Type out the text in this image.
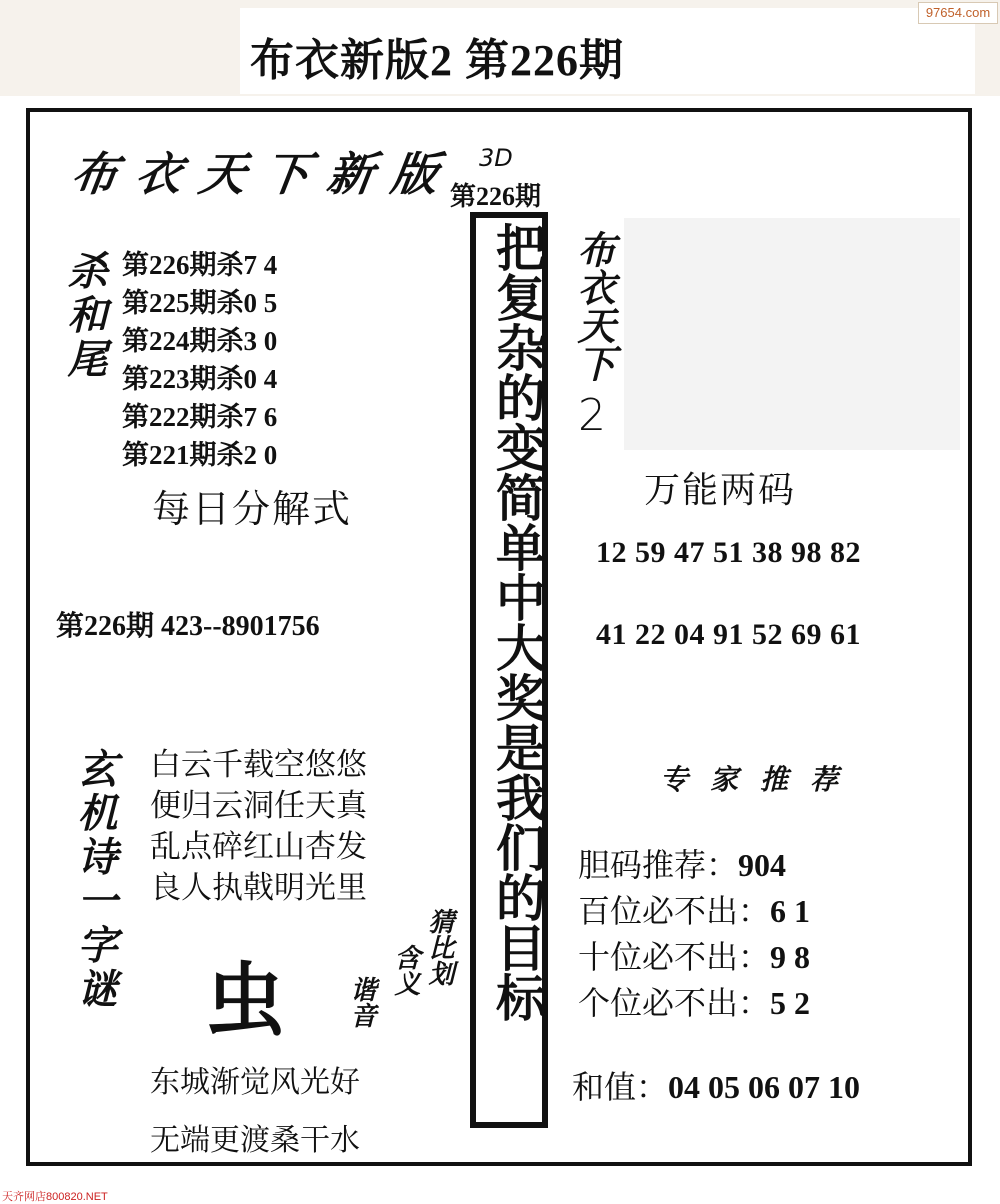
布衣新版2 第226期
97654.com
布衣天下新版 3D
第226期
杀和尾 第226期杀7 4
第225期杀0 5
第224期杀3 0
第223期杀0 4
第222期杀7 6
第221期杀2 0
每日分解式
第226期 423--8901756
玄机诗一字谜 白云千载空悠悠
便归云洞任天真
乱点碎红山杏发
良人执戟明光里
虫
猜比划
含义
谐音
东城渐觉风光好
无端更渡桑干水
把复杂的变简单中大奖是我们的目标 布衣天下
2
万能两码
12 59 47 51 38 98 82
41 22 04 91 52 69 61
专家推荐
胆码推荐：904
百位必不出：6 1
十位必不出：9 8
个位必不出：5 2
和值：04 05 06 07 10
天齐网店800820.NET
